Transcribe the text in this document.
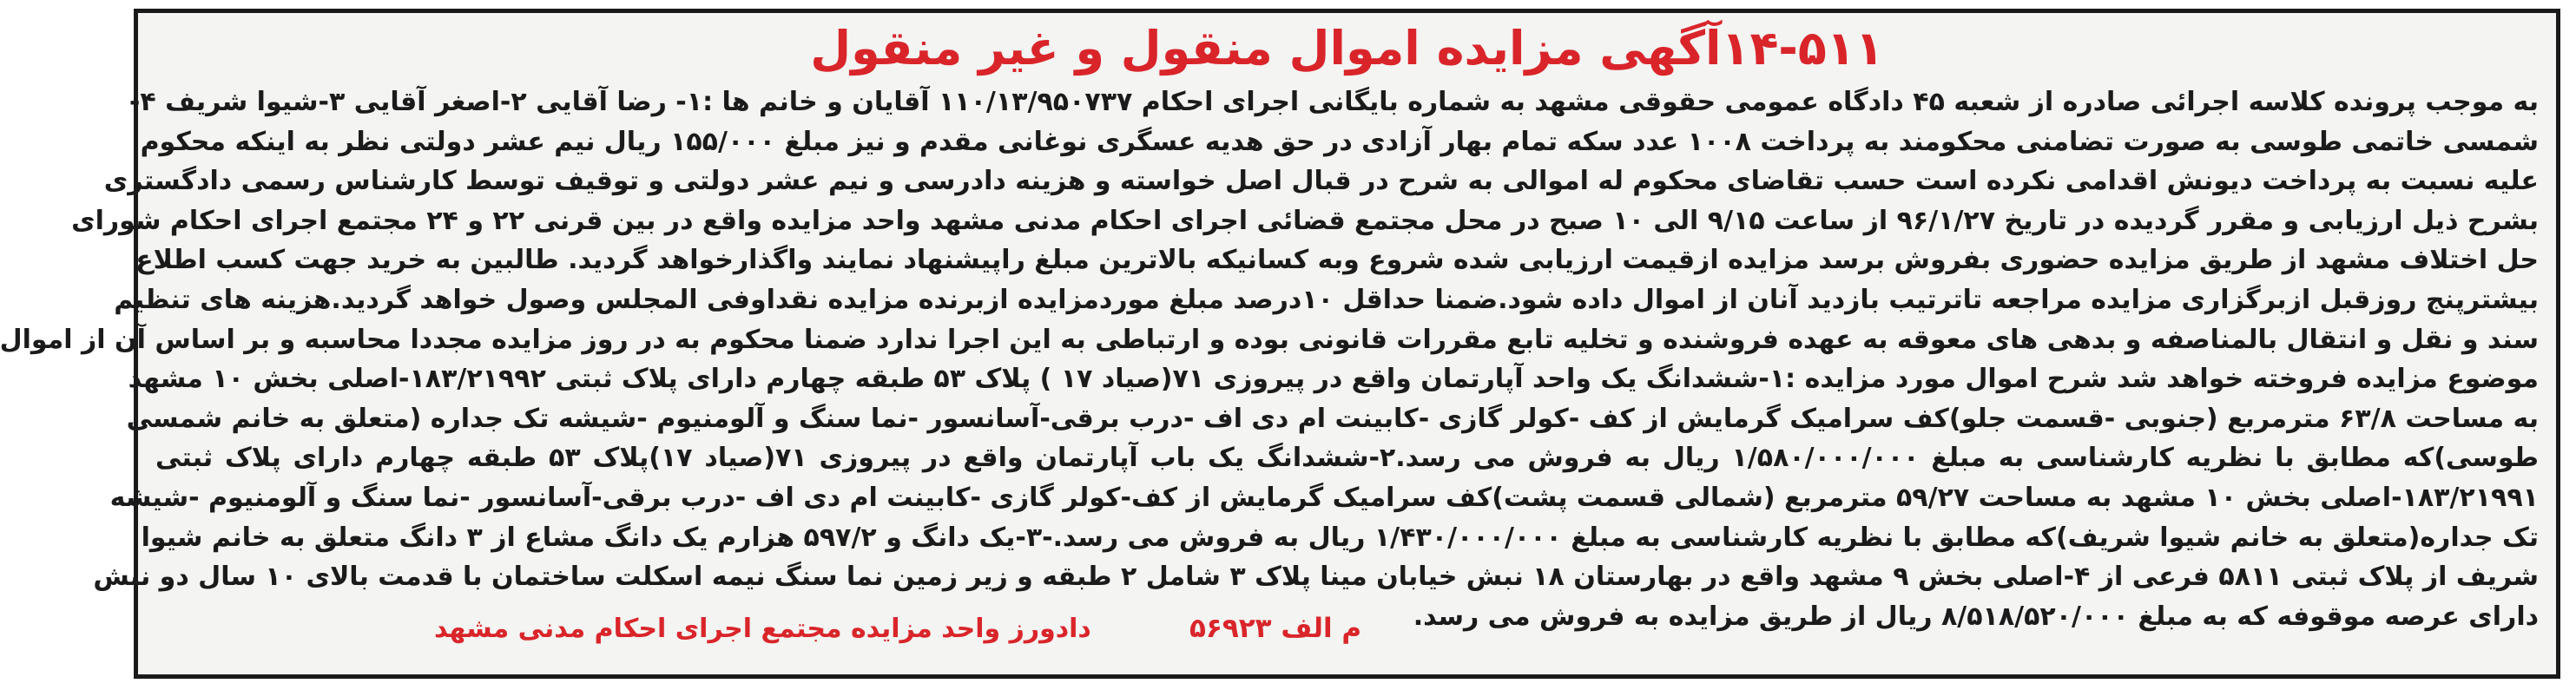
۱۴-۵۱۱آگهی مزایده اموال منقول و غیر منقول
به موجب پرونده کلاسه اجرائی صادره از شعبه ۴۵ دادگاه عمومی حقوقی مشهد به شماره بایگانی اجرای احکام ۱۱۰/۱۳/۹۵۰۷۳۷ آقایان و خانم ها :۱- رضا آقایی ۲-اصغر آقایی ۳-شیوا شریف ۴-
شمسی خاتمی طوسی به صورت تضامنی محکومند به پرداخت ۱۰۰۸ عدد سکه تمام بهار آزادی در حق هدیه عسگری نوغانی مقدم و نیز مبلغ ۱۵۵/۰۰۰ ریال نیم عشر دولتی نظر به اینکه محکوم
علیه نسبت به پرداخت دیونش اقدامی نکرده است حسب تقاضای محکوم له اموالی به شرح در قبال اصل خواسته و هزینه دادرسی و نیم عشر دولتی و توقیف توسط کارشناس رسمی دادگستری
بشرح ذیل ارزیابی و مقرر گردیده در تاریخ ۹۶/۱/۲۷ از ساعت ۹/۱۵ الی ۱۰ صبح در محل مجتمع قضائی اجرای احکام مدنی مشهد واحد مزایده واقع در بین قرنی ۲۲ و ۲۴ مجتمع اجرای احکام شورای
حل اختلاف مشهد از طریق مزایده حضوری بفروش برسد مزایده ازقیمت ارزیابی شده شروع وبه کسانیکه بالاترین مبلغ راپیشنهاد نمایند واگذارخواهد گردید. طالبین به خرید جهت کسب اطلاع
بیشترپنج روزقبل ازبرگزاری مزایده مراجعه تاترتیب بازدید آنان از اموال داده شود.ضمنا حداقل ۱۰درصد مبلغ موردمزایده ازبرنده مزایده نقداوفی المجلس وصول خواهد گردید.هزینه های تنظیم
سند و نقل و انتقال بالمناصفه و بدهی های معوقه به عهده فروشنده و تخلیه تابع مقررات قانونی بوده و ارتباطی به این اجرا ندارد ضمنا محکوم به در روز مزایده مجددا محاسبه و بر اساس آن از اموال
موضوع مزایده فروخته خواهد شد شرح اموال مورد مزایده :۱-ششدانگ یک واحد آپارتمان واقع در پیروزی ۷۱(صیاد ۱۷ ) پلاک ۵۳ طبقه چهارم دارای پلاک ثبتی ۱۸۳/۲۱۹۹۲-اصلی بخش ۱۰ مشهد
به مساحت ۶۳/۸ مترمربع (جنوبی -قسمت جلو)کف سرامیک گرمایش از کف -کولر گازی -کابینت ام دی اف -درب برقی-آسانسور -نما سنگ و آلومنیوم -شیشه تک جداره (متعلق به خانم شمسی
طوسی)که مطابق با نظریه کارشناسی به مبلغ ۱/۵۸۰/۰۰۰/۰۰۰ ریال به فروش می رسد.۲-ششدانگ یک باب آپارتمان واقع در پیروزی ۷۱(صیاد ۱۷)پلاک ۵۳ طبقه چهارم دارای پلاک ثبتی
۱۸۳/۲۱۹۹۱-اصلی بخش ۱۰ مشهد به مساحت ۵۹/۲۷ مترمربع (شمالی قسمت پشت)کف سرامیک گرمایش از کف-کولر گازی -کابینت ام دی اف -درب برقی-آسانسور -نما سنگ و آلومنیوم -شیشه
تک جداره(متعلق به خانم شیوا شریف)که مطابق با نظریه کارشناسی به مبلغ ۱/۴۳۰/۰۰۰/۰۰۰ ریال به فروش می رسد.-۳-یک دانگ و ۵۹۷/۲ هزارم یک دانگ مشاع از ۳ دانگ متعلق به خانم شیوا
شریف از پلاک ثبتی ۵۸۱۱ فرعی از ۴-اصلی بخش ۹ مشهد واقع در بهارستان ۱۸ نبش خیابان مینا پلاک ۳ شامل ۲ طبقه و زیر زمین نما سنگ نیمه اسکلت ساختمان با قدمت بالای ۱۰ سال دو نبش
دارای عرصه موقوفه که به مبلغ ۸/۵۱۸/۵۲۰/۰۰۰ ریال از طریق مزایده به فروش می رسد.
م الف ۵۶۹۲۳
دادورز واحد مزایده مجتمع اجرای احکام مدنی مشهد
